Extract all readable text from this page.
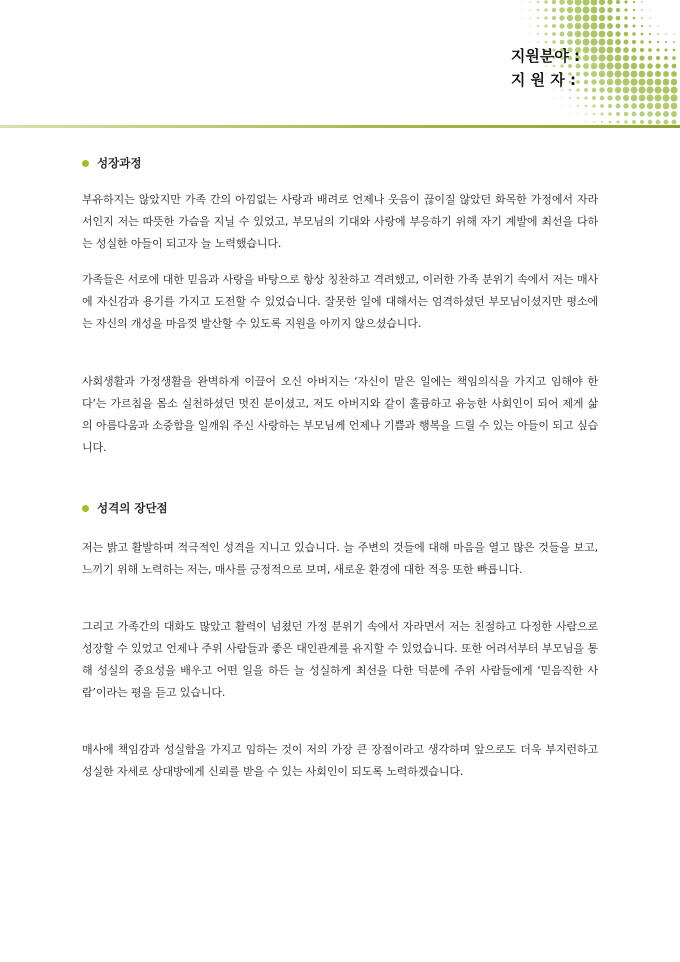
지원분야 :
지 원 자 :
성장과정
부유하지는 않았지만 가족 간의 아낌없는 사랑과 배려로 언제나 웃음이 끊이질 않았던 화목한 가정에서 자라서인지 저는 따뜻한 가슴을 지닐 수 있었고, 부모님의 기대와 사랑에 부응하기 위해 자기 계발에 최선을 다하는 성실한 아들이 되고자 늘 노력했습니다.
가족들은 서로에 대한 믿음과 사랑을 바탕으로 항상 칭찬하고 격려했고, 이러한 가족 분위기 속에서 저는 매사에 자신감과 용기를 가지고 도전할 수 있었습니다. 잘못한 일에 대해서는 엄격하셨던 부모님이셨지만 평소에는 자신의 개성을 마음껏 발산할 수 있도록 지원을 아끼지 않으셨습니다.
사회생활과 가정생활을 완벽하게 이끌어 오신 아버지는 ‘자신이 맡은 일에는 책임의식을 가지고 임해야 한다’는 가르침을 몸소 실천하셨던 멋진 분이셨고, 저도 아버지와 같이 훌륭하고 유능한 사회인이 되어 제게 삶의 아름다움과 소중함을 일깨워 주신 사랑하는 부모님께 언제나 기쁨과 행복을 드릴 수 있는 아들이 되고 싶습니다.
성격의 장단점
저는 밝고 활발하며 적극적인 성격을 지니고 있습니다. 늘 주변의 것들에 대해 마음을 열고 많은 것들을 보고, 느끼기 위해 노력하는 저는, 매사를 긍정적으로 보며, 새로운 환경에 대한 적응 또한 빠릅니다.
그리고 가족간의 대화도 많았고 활력이 넘쳤던 가정 분위기 속에서 자라면서 저는 친절하고 다정한 사람으로 성장할 수 있었고 언제나 주위 사람들과 좋은 대인관계를 유지할 수 있었습니다. 또한 어려서부터 부모님을 통해 성실의 중요성을 배우고 어떤 일을 하든 늘 성실하게 최선을 다한 덕분에 주위 사람들에게 ‘믿음직한 사람’이라는 평을 듣고 있습니다.
매사에 책임감과 성실함을 가지고 임하는 것이 저의 가장 큰 장점이라고 생각하며 앞으로도 더욱 부지런하고 성실한 자세로 상대방에게 신뢰를 받을 수 있는 사회인이 되도록 노력하겠습니다.
